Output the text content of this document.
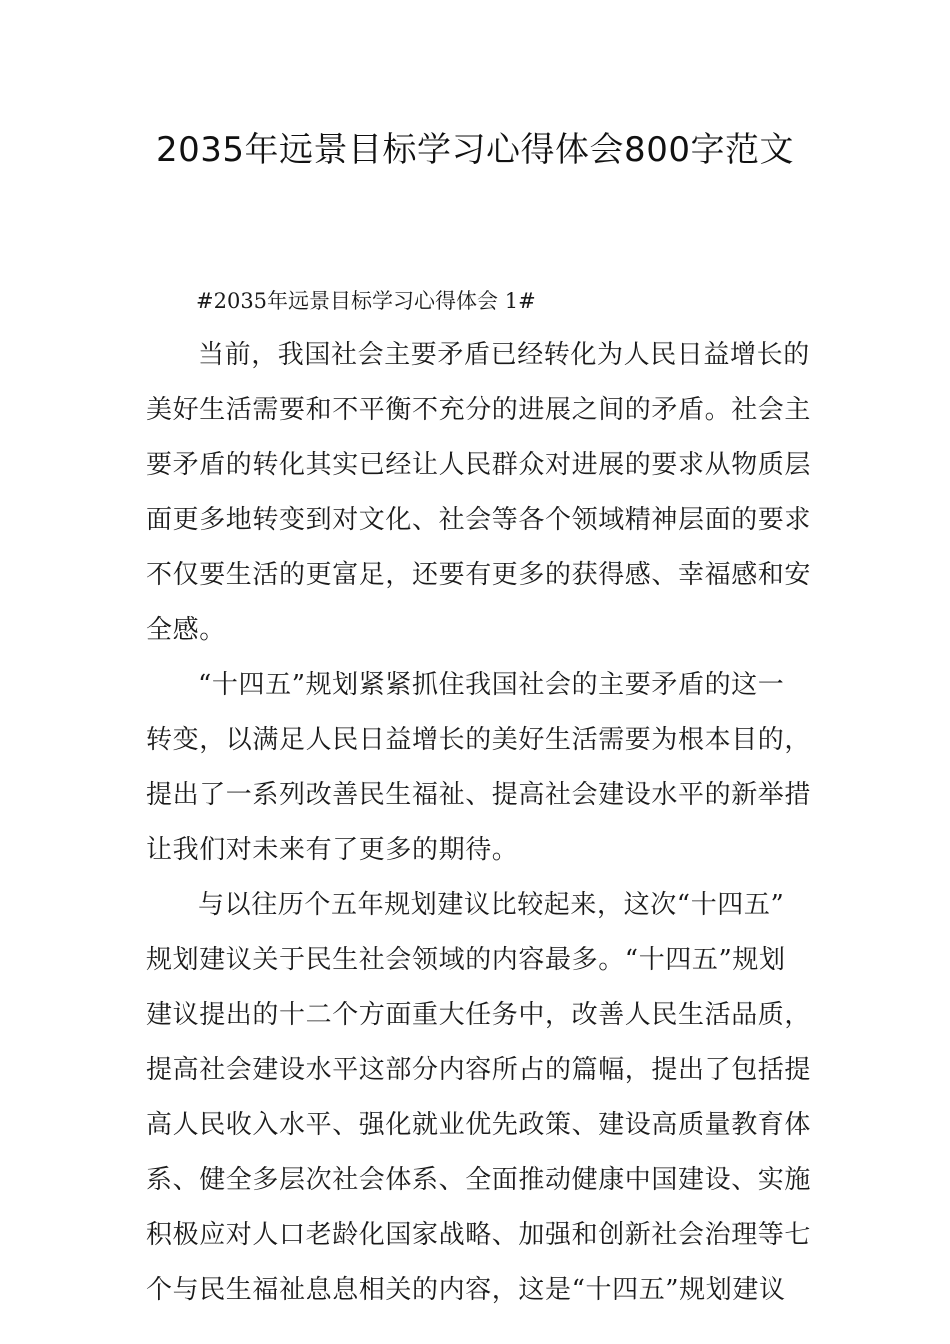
2035年远景目标学习心得体会800字范文

#2035年远景目标学习心得体会 1#

当前，我国社会主要矛盾已经转化为人民日益增长的
美好生活需要和不平衡不充分的进展之间的矛盾。社会主
要矛盾的转化其实已经让人民群众对进展的要求从物质层
面更多地转变到对文化、社会等各个领域精神层面的要求
不仅要生活的更富足，还要有更多的获得感、幸福感和安
全感。
“十四五”规划紧紧抓住我国社会的主要矛盾的这一
转变，以满足人民日益增长的美好生活需要为根本目的，
提出了一系列改善民生福祉、提高社会建设水平的新举措
让我们对未来有了更多的期待。
与以往历个五年规划建议比较起来，这次“十四五”
规划建议关于民生社会领域的内容最多。“十四五”规划
建议提出的十二个方面重大任务中，改善人民生活品质，
提高社会建设水平这部分内容所占的篇幅，提出了包括提
高人民收入水平、强化就业优先政策、建设高质量教育体
系、健全多层次社会体系、全面推动健康中国建设、实施
积极应对人口老龄化国家战略、加强和创新社会治理等七
个与民生福祉息息相关的内容，这是“十四五”规划建议
